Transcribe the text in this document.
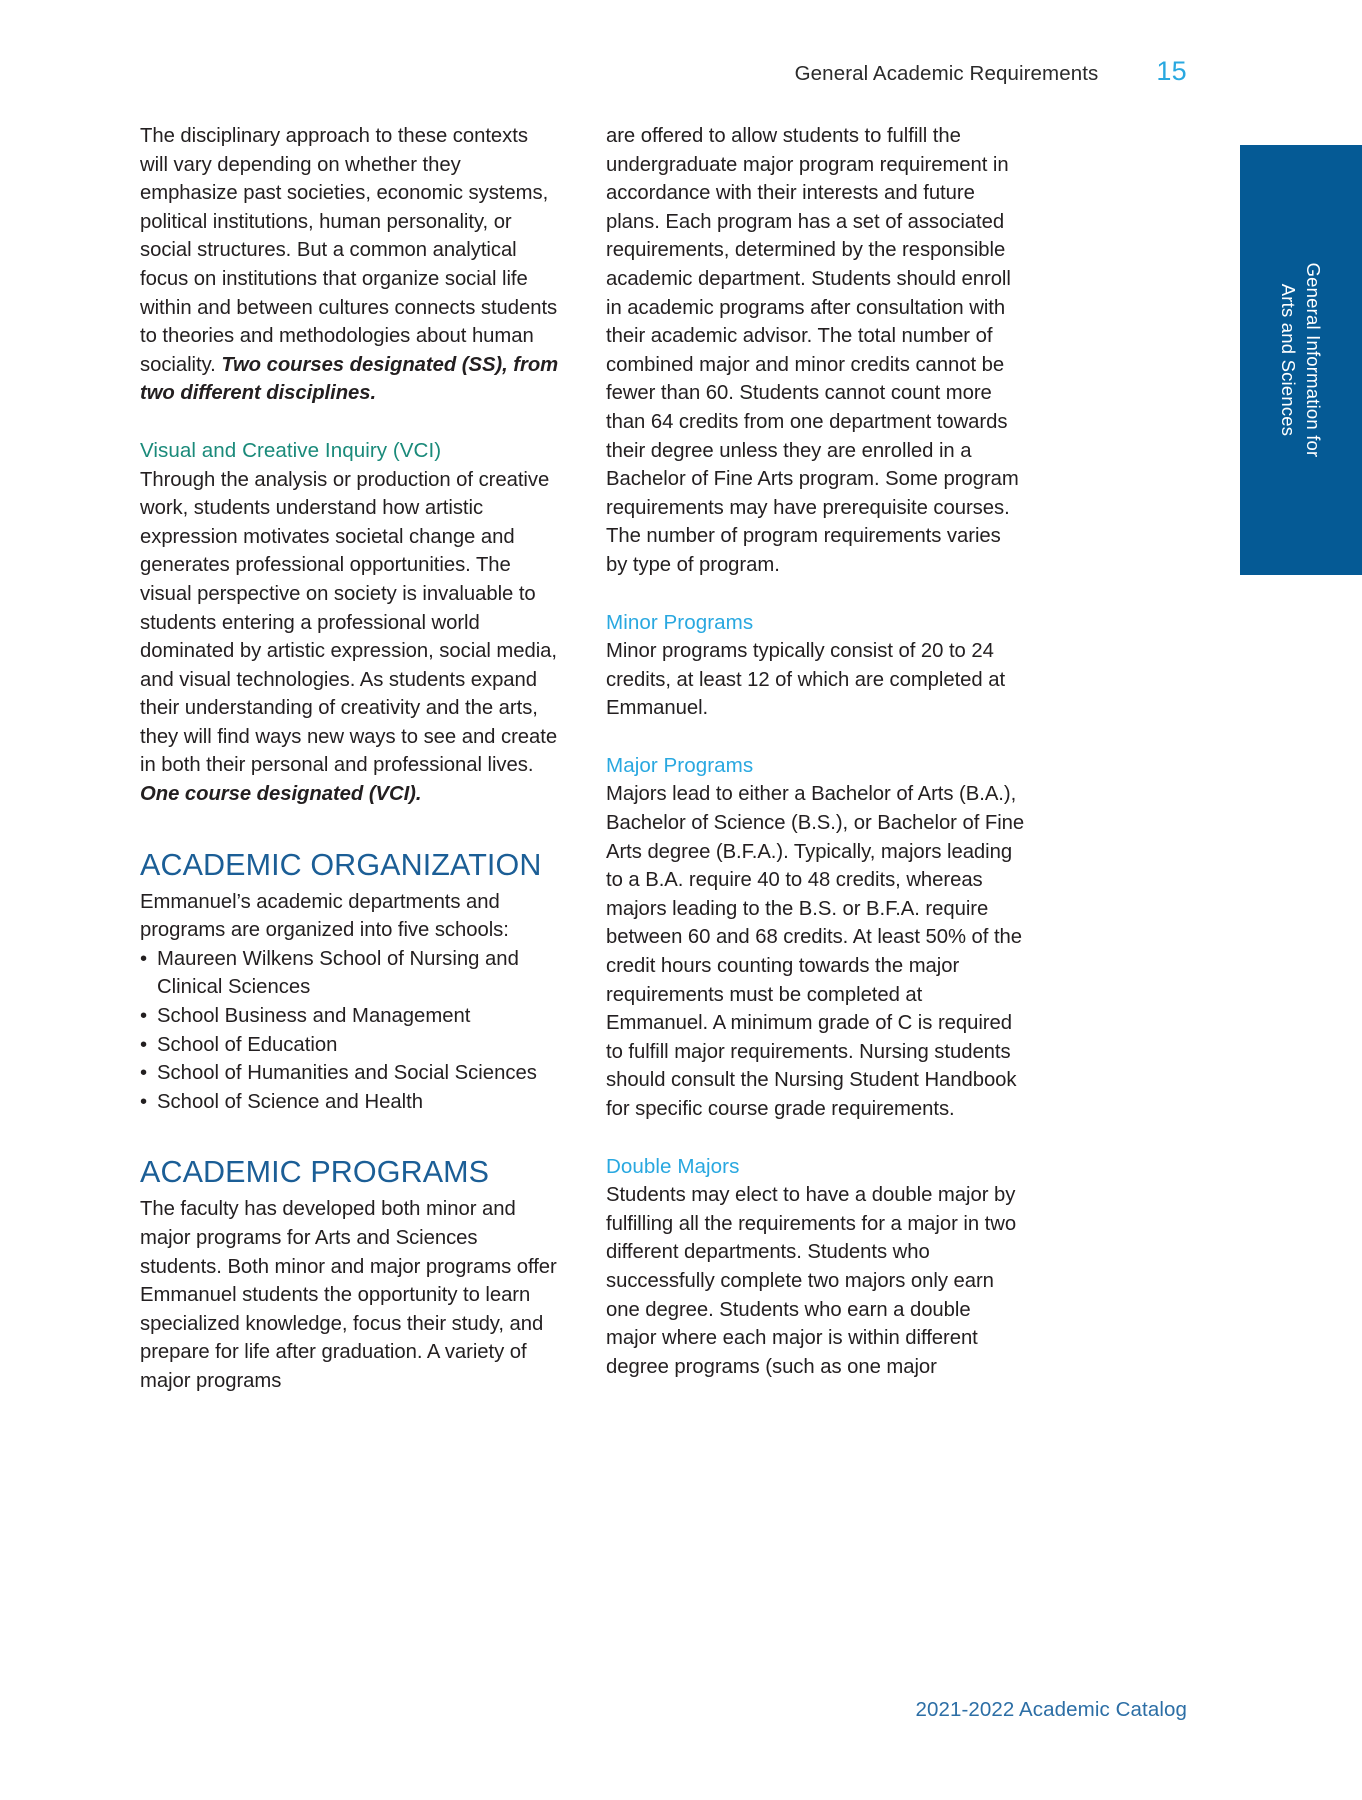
General Academic Requirements 15
General Information for
Arts and Sciences

The disciplinary approach to these contexts will vary depending on whether they emphasize past societies, economic systems, political institutions, human personality, or social structures. But a common analytical focus on institutions that organize social life within and between cultures connects students to theories and methodologies about human sociality. Two courses designated (SS), from two different disciplines.

Visual and Creative Inquiry (VCI)

Through the analysis or production of creative work, students understand how artistic expression motivates societal change and generates professional opportunities. The visual perspective on society is invaluable to students entering a professional world dominated by artistic expression, social media, and visual technologies. As students expand their understanding of creativity and the arts, they will find ways new ways to see and create in both their personal and professional lives. One course designated (VCI).

ACADEMIC ORGANIZATION

Emmanuel’s academic departments and programs are organized into five schools:

• Maureen Wilkens School of Nursing and Clinical Sciences
• School Business and Management
• School of Education
• School of Humanities and Social Sciences
• School of Science and Health
ACADEMIC PROGRAMS

The faculty has developed both minor and major programs for Arts and Sciences students. Both minor and major programs offer Emmanuel students the opportunity to learn specialized knowledge, focus their study, and prepare for life after graduation. A variety of major programs

are offered to allow students to fulfill the undergraduate major program requirement in accordance with their interests and future plans. Each program has a set of associated requirements, determined by the responsible academic department. Students should enroll in academic programs after consultation with their academic advisor. The total number of combined major and minor credits cannot be fewer than 60. Students cannot count more than 64 credits from one department towards their degree unless they are enrolled in a Bachelor of Fine Arts program. Some program requirements may have prerequisite courses. The number of program requirements varies by type of program.

Minor Programs

Minor programs typically consist of 20 to 24 credits, at least 12 of which are completed at Emmanuel.

Major Programs

Majors lead to either a Bachelor of Arts (B.A.), Bachelor of Science (B.S.), or Bachelor of Fine Arts degree (B.F.A.). Typically, majors leading to a B.A. require 40 to 48 credits, whereas majors leading to the B.S. or B.F.A. require between 60 and 68 credits. At least 50% of the credit hours counting towards the major requirements must be completed at Emmanuel. A minimum grade of C is required to fulfill major requirements. Nursing students should consult the Nursing Student Handbook for specific course grade requirements.

Double Majors

Students may elect to have a double major by fulfilling all the requirements for a major in two different departments. Students who successfully complete two majors only earn one degree. Students who earn a double major where each major is within different degree programs (such as one major

2021-2022 Academic Catalog
